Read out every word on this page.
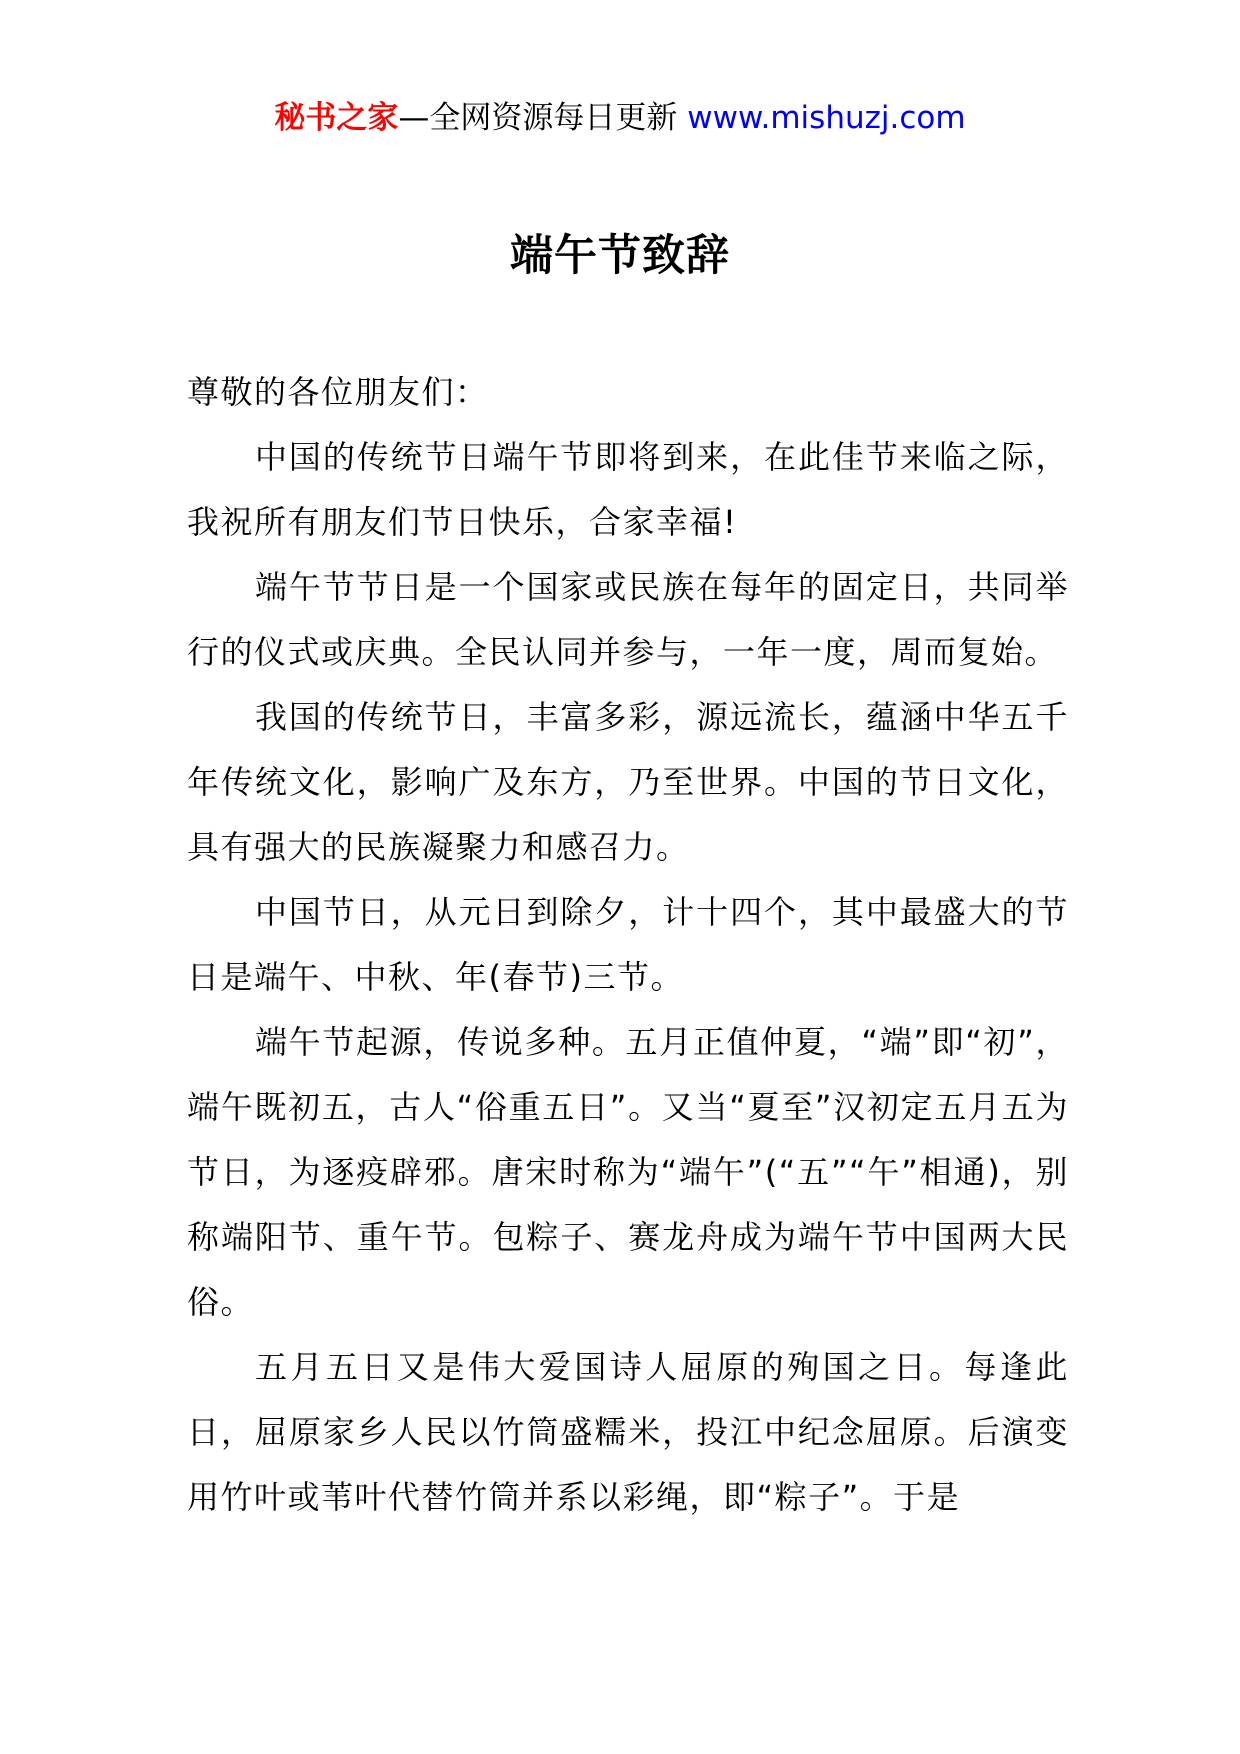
秘书之家—全网资源每日更新 www.mishuzj.com
端午节致辞

尊敬的各位朋友们：

中国的传统节日端午节即将到来，在此佳节来临之际，我祝所有朋友们节日快乐，合家幸福!

端午节节日是一个国家或民族在每年的固定日，共同举行的仪式或庆典。全民认同并参与，一年一度，周而复始。

我国的传统节日，丰富多彩，源远流长，蕴涵中华五千年传统文化，影响广及东方，乃至世界。中国的节日文化，具有强大的民族凝聚力和感召力。

中国节日，从元日到除夕，计十四个，其中最盛大的节日是端午、中秋、年(春节)三节。

端午节起源，传说多种。五月正值仲夏，“端”即“初”，端午既初五，古人“俗重五日”。又当“夏至”汉初定五月五为节日，为逐疫辟邪。唐宋时称为“端午”(“五”“午”相通)，别称端阳节、重午节。包粽子、赛龙舟成为端午节中国两大民俗。

五月五日又是伟大爱国诗人屈原的殉国之日。每逢此日，屈原家乡人民以竹筒盛糯米，投江中纪念屈原。后演变用竹叶或苇叶代替竹筒并系以彩绳，即“粽子”。于是
